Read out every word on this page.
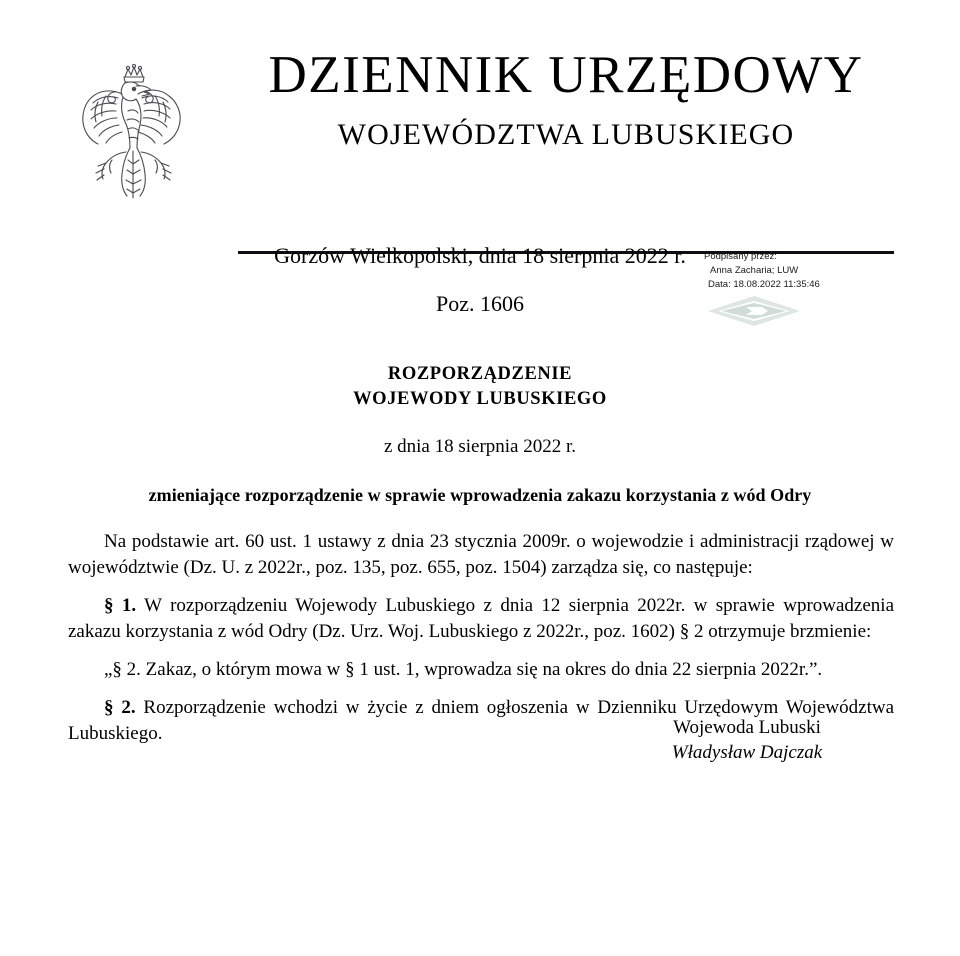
DZIENNIK URZĘDOWY
WOJEWÓDZTWA LUBUSKIEGO
Gorzów Wielkopolski, dnia 18 sierpnia 2022 r.
Poz. 1606
Podpisany przez:
Anna Zacharia; LUW
Data: 18.08.2022 11:35:46
ROZPORZĄDZENIE
WOJEWODY LUBUSKIEGO
z dnia 18 sierpnia 2022 r.
zmieniające rozporządzenie w sprawie wprowadzenia zakazu korzystania z wód Odry

Na podstawie art. 60 ust. 1 ustawy z dnia 23 stycznia 2009r. o wojewodzie i administracji rządowej w województwie (Dz. U. z 2022r., poz. 135, poz. 655, poz. 1504) zarządza się, co następuje:

§ 1. W rozporządzeniu Wojewody Lubuskiego z dnia 12 sierpnia 2022r. w sprawie wprowadzenia zakazu korzystania z wód Odry (Dz. Urz. Woj. Lubuskiego z 2022r., poz. 1602) § 2 otrzymuje brzmienie:

„§ 2. Zakaz, o którym mowa w § 1 ust. 1, wprowadza się na okres do dnia 22 sierpnia 2022r.”.

§ 2. Rozporządzenie wchodzi w życie z dniem ogłoszenia w Dzienniku Urzędowym Województwa Lubuskiego.	Wojewoda Lubuski
Władysław Dajczak
